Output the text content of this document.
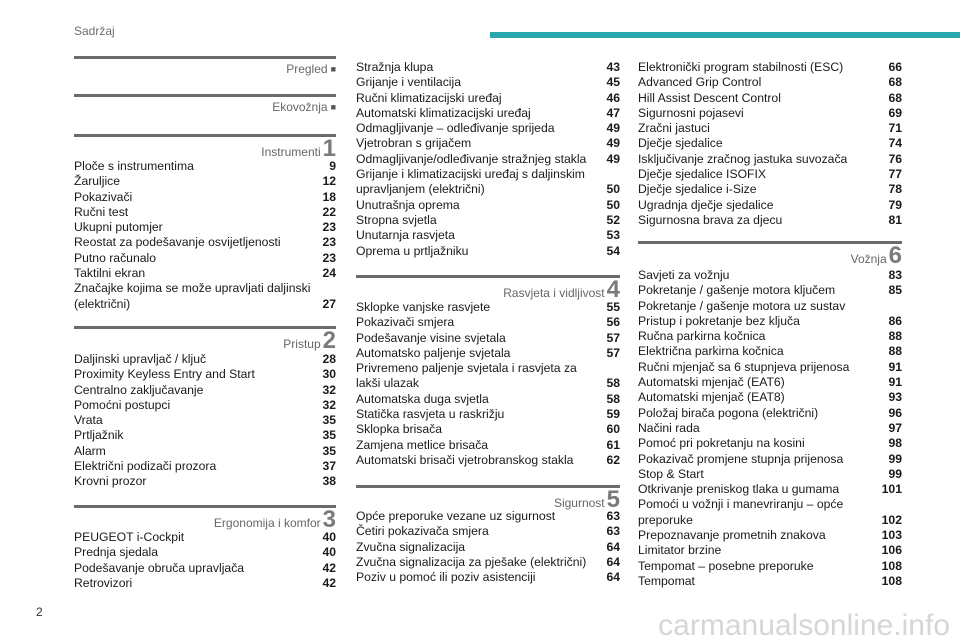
Sadržaj
Pregled ■
Ekovožnja ■
Instrumenti1
Ploče s instrumentima	9
Žaruljice	12
Pokazivači	18
Ručni test	22
Ukupni putomjer	23
Reostat za podešavanje osvijetljenosti	23
Putno računalo	23
Taktilni ekran	24
Značajke kojima se može upravljati daljinski (električni)	27
Pristup2
Daljinski upravljač / ključ	28
Proximity Keyless Entry and Start	30
Centralno zaključavanje	32
Pomoćni postupci	32
Vrata	35
Prtljažnik	35
Alarm	35
Električni podizači prozora	37
Krovni prozor	38
Ergonomija i komfor3
PEUGEOT i-Cockpit	40
Prednja sjedala	40
Podešavanje obruča upravljača	42
Retrovizori	42
Stražnja klupa	43
Grijanje i ventilacija	45
Ručni klimatizacijski uređaj	46
Automatski klimatizacijski uređaj	47
Odmagljivanje – odleđivanje sprijeda	49
Vjetrobran s grijačem	49
Odmagljivanje/odleđivanje stražnjeg stakla	49
Grijanje i klimatizacijski uređaj s daljinskim upravljanjem (električni)	50
Unutrašnja oprema	50
Stropna svjetla	52
Unutarnja rasvjeta	53
Oprema u prtljažniku	54
Rasvjeta i vidljivost4
Sklopke vanjske rasvjete	55
Pokazivači smjera	56
Podešavanje visine svjetala	57
Automatsko paljenje svjetala	57
Privremeno paljenje svjetala i rasvjeta za lakši ulazak	58
Automatska duga svjetla	58
Statička rasvjeta u raskrižju	59
Sklopka brisača	60
Zamjena metlice brisača	61
Automatski brisači vjetrobranskog stakla	62
Sigurnost5
Opće preporuke vezane uz sigurnost	63
Četiri pokazivača smjera	63
Zvučna signalizacija	64
Zvučna signalizacija za pješake (električni)	64
Poziv u pomoć ili poziv asistenciji	64
Elektronički program stabilnosti (ESC)	66
Advanced Grip Control	68
Hill Assist Descent Control	68
Sigurnosni pojasevi	69
Zračni jastuci	71
Dječje sjedalice	74
Isključivanje zračnog jastuka suvozača	76
Dječje sjedalice ISOFIX	77
Dječje sjedalice i-Size	78
Ugradnja dječje sjedalice	79
Sigurnosna brava za djecu	81
Vožnja6
Savjeti za vožnju	83
Pokretanje / gašenje motora ključem	85
Pokretanje / gašenje motora uz sustav Pristup i pokretanje bez ključa	86
Ručna parkirna kočnica	88
Električna parkirna kočnica	88
Ručni mjenjač sa 6 stupnjeva prijenosa	91
Automatski mjenjač (EAT6)	91
Automatski mjenjač (EAT8)	93
Položaj birača pogona (električni)	96
Načini rada	97
Pomoć pri pokretanju na kosini	98
Pokazivač promjene stupnja prijenosa	99
Stop & Start	99
Otkrivanje preniskog tlaka u gumama	101
Pomoći u vožnji i manevriranju – opće preporuke	102
Prepoznavanje prometnih znakova	103
Limitator brzine	106
Tempomat – posebne preporuke	108
Tempomat	108
2	carmanualsonline.info
